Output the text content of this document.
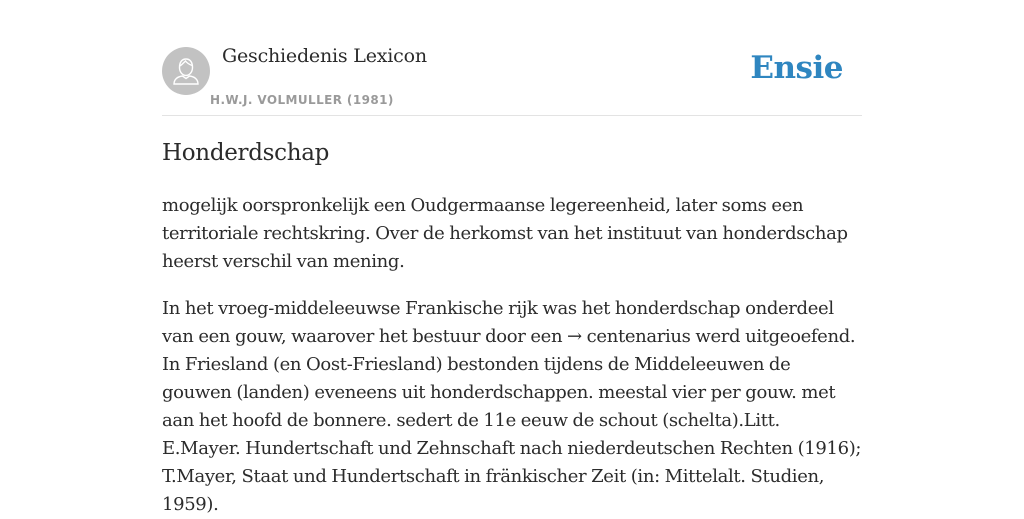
Geschiedenis Lexicon
H.W.J. VOLMULLER (1981)
Ensie
Honderdschap

mogelijk oorspronkelijk een Oudgermaanse legereenheid, later soms een territoriale rechtskring. Over de herkomst van het instituut van honderdschap heerst verschil van mening.

In het vroeg-middeleeuwse Frankische rijk was het honderdschap onderdeel van een gouw, waarover het bestuur door een → centenarius werd uitgeoefend. In Friesland (en Oost-Friesland) bestonden tijdens de Middeleeuwen de gouwen (landen) eveneens uit honderdschappen. meestal vier per gouw. met aan het hoofd de bonnere. sedert de 11e eeuw de schout (schelta).Litt. E.Mayer. Hundertschaft und Zehnschaft nach niederdeutschen Rechten (1916); T.Mayer, Staat und Hundertschaft in fränkischer Zeit (in: Mittelalt. Studien, 1959).
